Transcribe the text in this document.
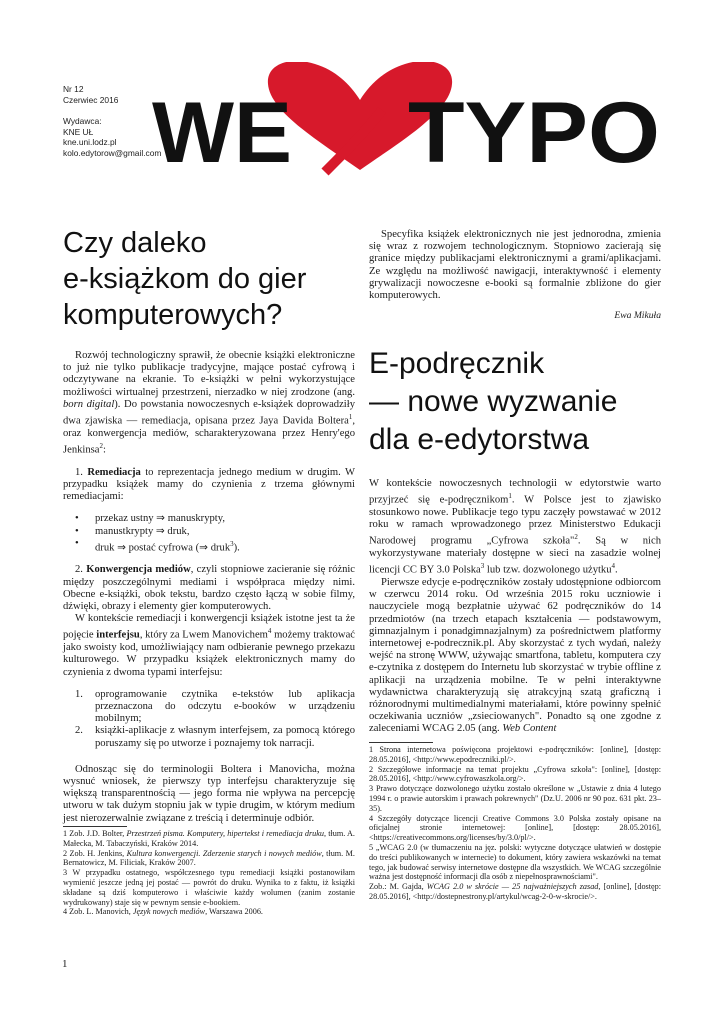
Nr 12
Czerwiec 2016
Wydawca:
KNE UŁ
kne.uni.lodz.pl
kolo.edytorow@gmail.com
WE TYPO
Czy daleko
e-książkom do gier
komputerowych?

Rozwój technologiczny sprawił, że obecnie książki elektroniczne to już nie tylko publikacje tradycyjne, mające postać cyfrową i odczytywane na ekranie. To e-książki w pełni wykorzystujące możliwości wirtualnej przestrzeni, nierzadko w niej zrodzone (ang. born digital). Do powstania nowoczesnych e-książek doprowadziły dwa zjawiska — remediacja, opisana przez Jaya Davida Boltera$^1$, oraz konwergencja mediów, scharakteryzowana przez Henry'ego Jenkinsa$^2$:

1. Remediacja to reprezentacja jednego medium w drugim. W przypadku książek mamy do czynienia z trzema głównymi remediacjami:

• przekaz ustny ⇒ manuskrypty,
• manustkrypty ⇒ druk,
• druk ⇒ postać cyfrowa (⇒ druk$^3$).

2. Konwergencja mediów, czyli stopniowe zacieranie się różnic między poszczególnymi mediami i współpraca między nimi. Obecne e-książki, obok tekstu, bardzo często łączą w sobie filmy, dźwięki, obrazy i elementy gier komputerowych.

W kontekście remediacji i konwergencji książek istotne jest ta że pojęcie interfejsu, który za Lwem Manovichem$^4$ możemy traktować jako swoisty kod, umożliwiający nam odbieranie pewnego przekazu kulturowego. W przypadku książek elektronicznych mamy do czynienia z dwoma typami interfejsu:

1. oprogramowanie czytnika e-tekstów lub aplikacja przeznaczona do odczytu e-booków w urządzeniu mobilnym;
2. książki-aplikacje z własnym interfejsem, za pomocą którego poruszamy się po utworze i poznajemy tok narracji.

Odnosząc się do terminologii Boltera i Manovicha, można wysnuć wniosek, że pierwszy typ interfejsu charakteryzuje się większą transparentnością — jego forma nie wpływa na percepcję utworu w tak dużym stopniu jak w typie drugim, w którym medium jest nierozerwalnie związane z treścią i determinuje odbiór.

1 Zob. J.D. Bolter, Przestrzeń pisma. Komputery, hipertekst i remediacja druku, tłum. A. Małecka, M. Tabaczyński, Kraków 2014.

2 Zob. H. Jenkins, Kultura konwergencji. Zderzenie starych i nowych mediów, tłum. M. Bernatowicz, M. Filiciak, Kraków 2007.

3 W przypadku ostatnego, współczesnego typu remediacji książki postanowiłam wymienić jeszcze jedną jej postać — powrót do druku. Wynika to z faktu, iż książki składane są dziś komputerowo i właściwie każdy wolumen (zanim zostanie wydrukowany) staje się w pewnym sensie e-bookiem.

4 Zob. L. Manovich, Język nowych mediów, Warszawa 2006.

Specyfika książek elektronicznych nie jest jednorodna, zmienia się wraz z rozwojem technologicznym. Stopniowo zacierają się granice między publikacjami elektronicznymi a grami/aplikacjami. Ze względu na możliwość nawigacji, interaktywność i elementy grywalizacji nowoczesne e-booki są formalnie zbliżone do gier komputerowych.

Ewa Mikuła

E-podręcznik
— nowe wyzwanie
dla e-edytorstwa

W kontekście nowoczesnych technologii w edytorstwie warto przyjrzeć się e-podręcznikom$^1$. W Polsce jest to zjawisko stosunkowo nowe. Publikacje tego typu zaczęły powstawać w 2012 roku w ramach wprowadzonego przez Ministerstwo Edukacji Narodowej programu „Cyfrowa szkoła"$^2$. Są w nich wykorzystywane materiały dostępne w sieci na zasadzie wolnej licencji CC BY 3.0 Polska$^3$ lub tzw. dozwolonego użytku$^4$.

Pierwsze edycje e-podręczników zostały udostępnione odbiorcom w czerwcu 2014 roku. Od września 2015 roku uczniowie i nauczyciele mogą bezpłatnie używać 62 podręczników do 14 przedmiotów (na trzech etapach kształcenia — podstawowym, gimnazjalnym i ponadgimnazjalnym) za pośrednictwem platformy internetowej e-podrecznik.pl. Aby skorzystać z tych wydań, należy wejść na stronę WWW, używając smartfona, tabletu, komputera czy e-czytnika z dostępem do Internetu lub skorzystać w trybie offline z aplikacji na urządzenia mobilne. Te w pełni interaktywne wydawnictwa charakteryzują się atrakcyjną szatą graficzną i różnorodnymi multimedialnymi materiałami, które powinny spełnić oczekiwania uczniów „zsieciowanych". Ponadto są one zgodne z zaleceniami WCAG 2.05 (ang. Web Content

1 Strona internetowa poświęcona projektowi e-podręczników: [online], [dostęp: 28.05.2016], <http://www.epodreczniki.pl/>.

2 Szczegółowe informacje na temat projektu „Cyfrowa szkoła": [online], [dostęp: 28.05.2016], <http://www.cyfrowaszkola.org/>.

3 Prawo dotyczące dozwolonego użytku zostało określone w „Ustawie z dnia 4 lutego 1994 r. o prawie autorskim i prawach pokrewnych" (Dz.U. 2006 nr 90 poz. 631 pkt. 23–35).

4 Szczegóły dotyczące licencji Creative Commons 3.0 Polska zostały opisane na oficjalnej stronie internetowej: [online], [dostęp: 28.05.2016], <https://creativecommons.org/licenses/by/3.0/pl/>.

5 „WCAG 2.0 (w tłumaczeniu na jęz. polski: wytyczne dotyczące ułatwień w dostępie do treści publikowanych w internecie) to dokument, który zawiera wskazówki na temat tego, jak budować serwisy internetowe dostępne dla wszystkich. We WCAG szczególnie ważna jest dostępność informacji dla osób z niepełnosprawnościami".

Zob.: M. Gajda, WCAG 2.0 w skrócie — 25 najważniejszych zasad, [online], [dostęp: 28.05.2016], <http://dostepnestrony.pl/artykul/wcag-2-0-w-skrocie/>.

1
